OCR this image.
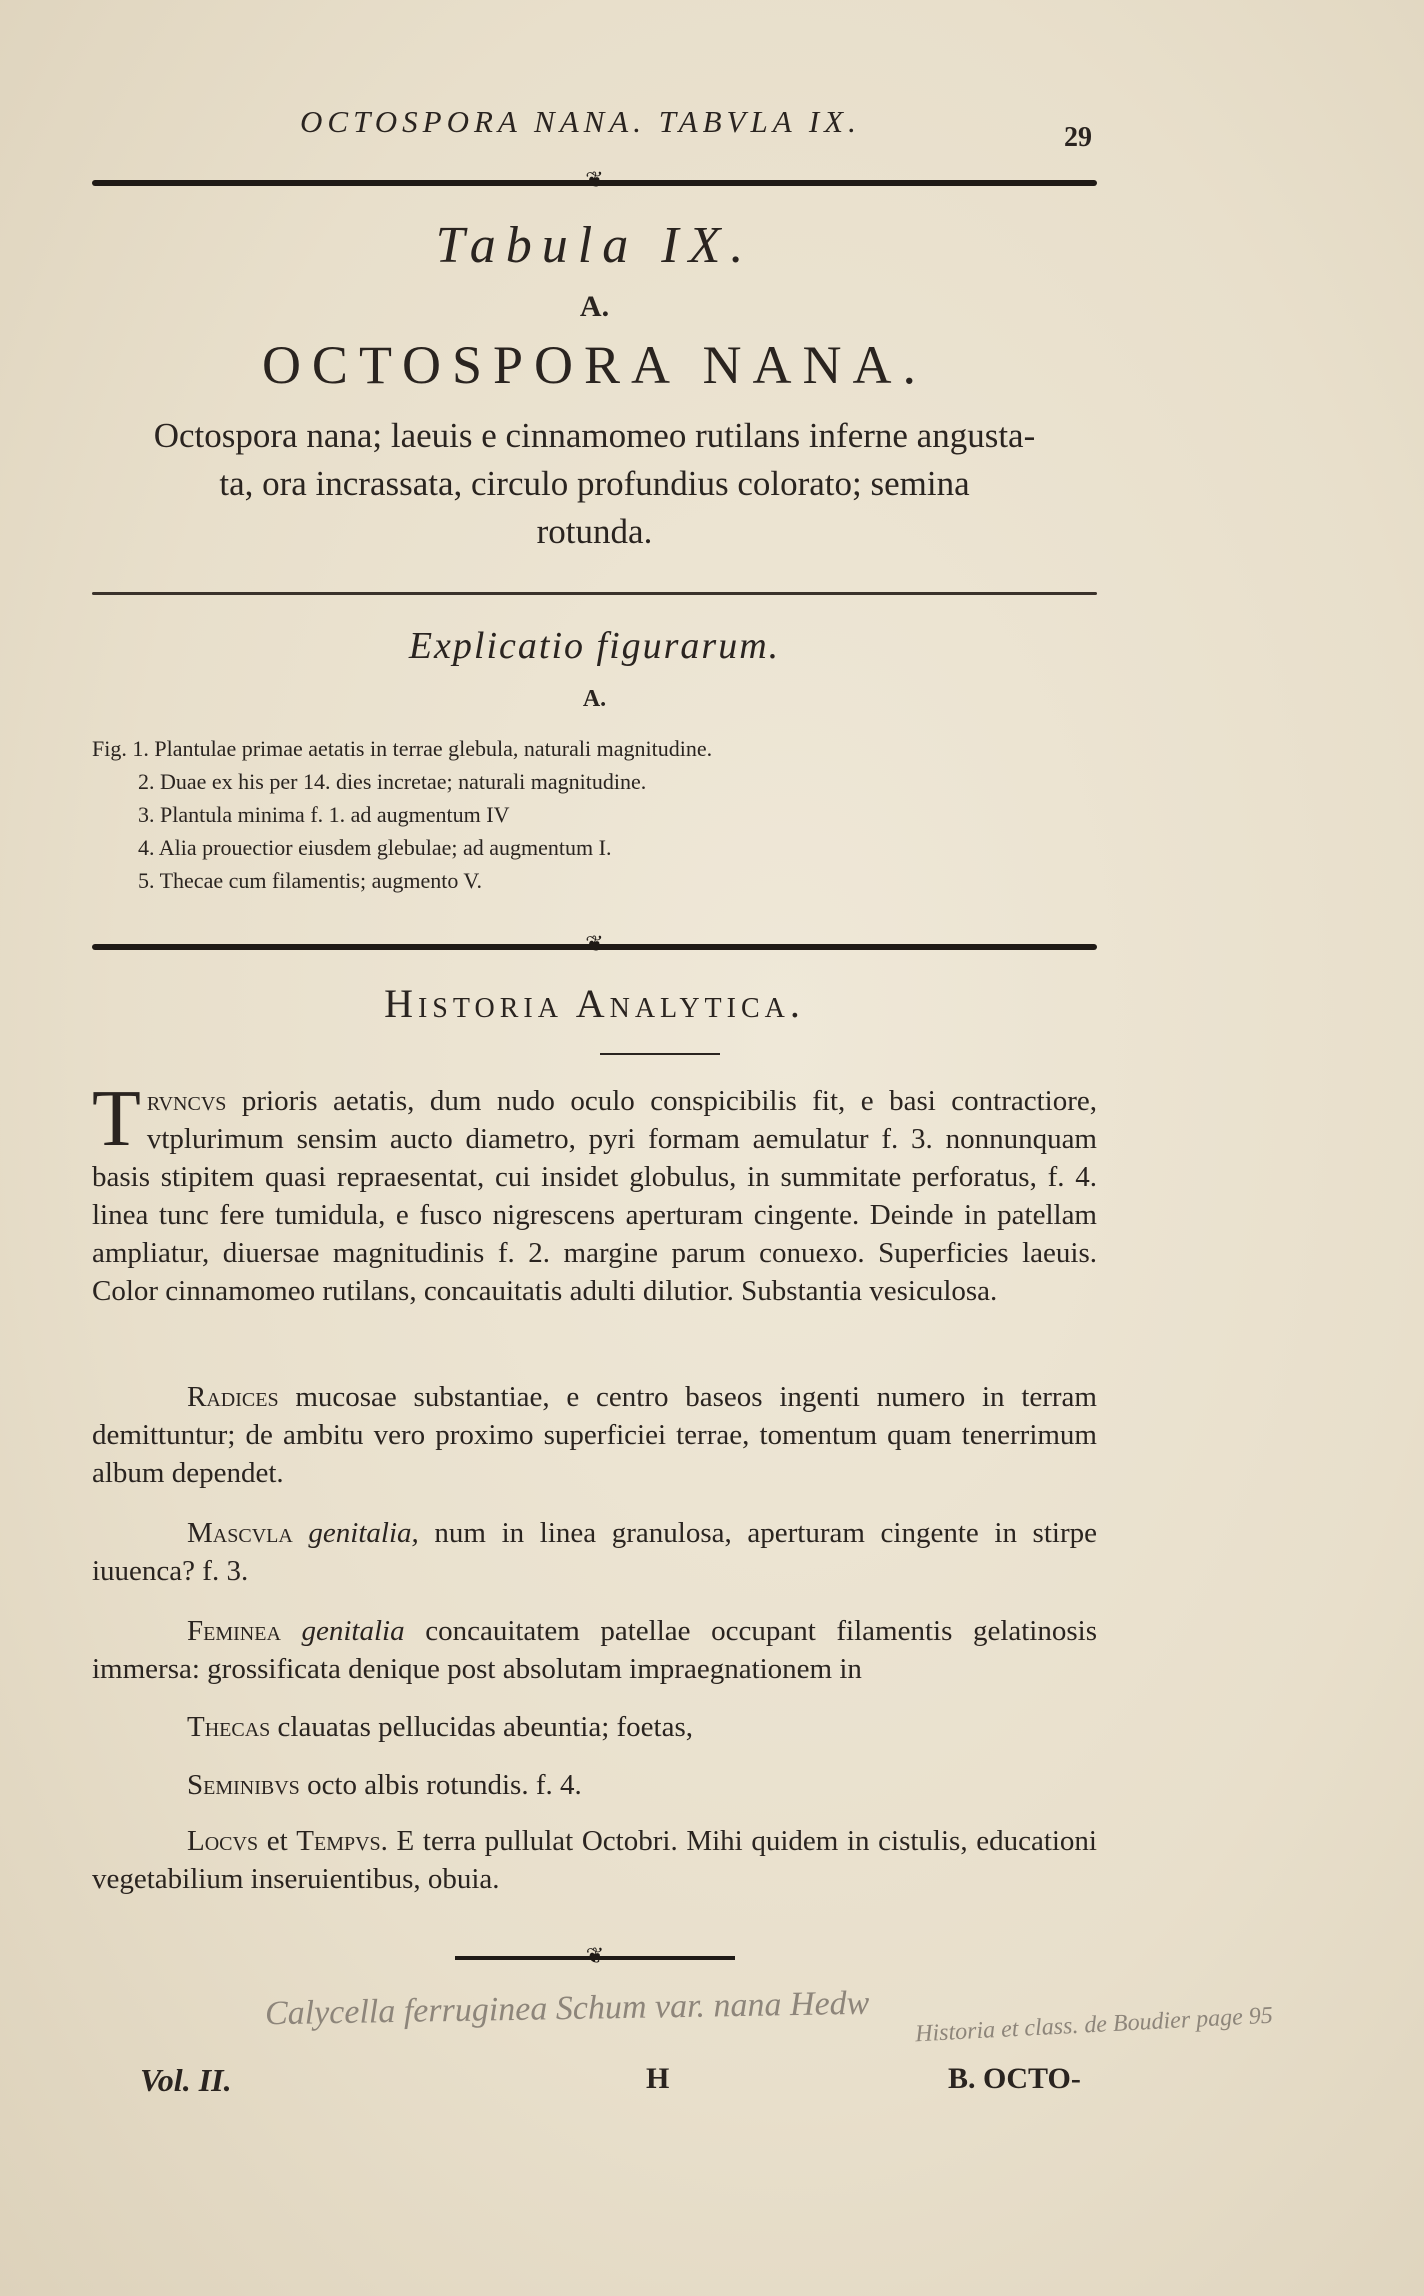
OCTOSPORA NANA. TABVLA IX.	29
❦
Tabula IX.
A.
OCTOSPORA NANA.
Octospora nana; laeuis e cinnamomeo rutilans inferne angusta-
ta, ora incrassata, circulo profundius colorato; semina
rotunda.
Explicatio figurarum.
A.
Fig. 1. Plantulae primae aetatis in terrae glebula, naturali magnitudine.
2. Duae ex his per 14. dies incretae; naturali magnitudine.
3. Plantula minima f. 1. ad augmentum IV
4. Alia prouectior eiusdem glebulae; ad augmentum I.
5. Thecae cum filamentis; augmento V.
❦
Historia Analytica.
Trvncvs prioris aetatis, dum nudo oculo conspicibilis fit, e basi contractiore, vtplurimum sensim aucto diametro, pyri formam aemulatur f. 3. nonnunquam basis stipitem quasi repraesentat, cui insidet globulus, in summitate perforatus, f. 4. linea tunc fere tumidula, e fusco nigrescens aperturam cingente. Deinde in patellam ampliatur, diuersae magnitudinis f. 2. margine parum conuexo. Superficies laeuis. Color cinnamomeo rutilans, concauitatis adulti dilutior. Substantia vesiculosa.
Radices mucosae substantiae, e centro baseos ingenti numero in terram demittuntur; de ambitu vero proximo superficiei terrae, tomentum quam tenerrimum album dependet.
Mascvla genitalia, num in linea granulosa, aperturam cingente in stirpe iuuenca? f. 3.
Feminea genitalia concauitatem patellae occupant filamentis gelatinosis immersa: grossificata denique post absolutam impraegnationem in
Thecas clauatas pellucidas abeuntia; foetas,
Seminibvs octo albis rotundis. f. 4.
Locvs et Tempvs. E terra pullulat Octobri. Mihi quidem in cistulis, educationi vegetabilium inseruientibus, obuia.
❦
Calycella ferruginea Schum var. nana Hedw Historia et class. de Boudier page 95
Vol. II.	H	B. OCTO-
